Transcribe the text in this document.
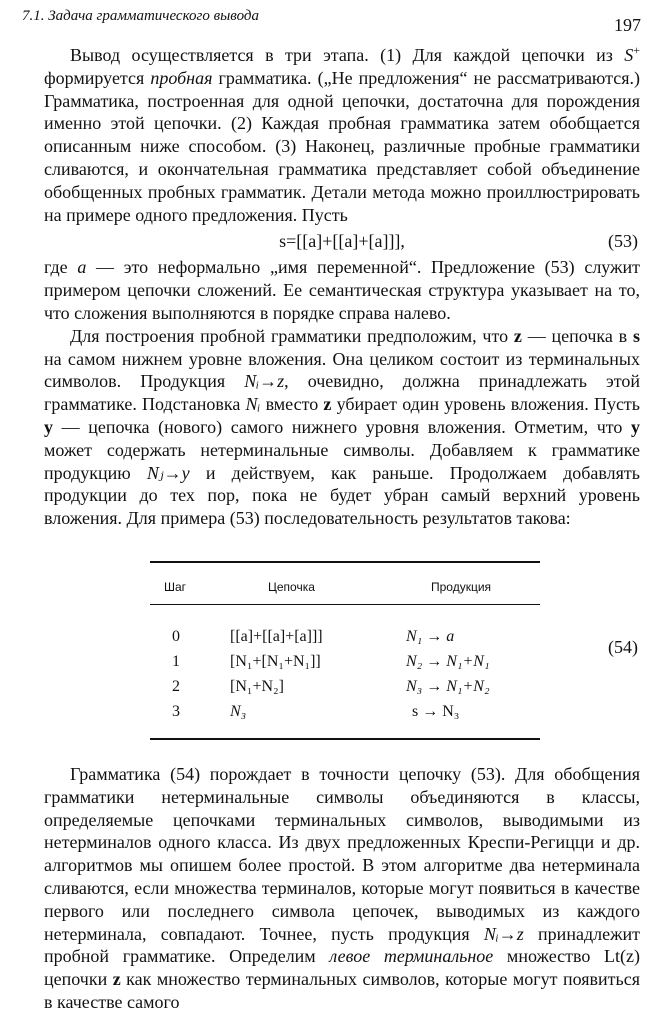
7.1. Задача грамматического вывода	197

Вывод осуществляется в три этапа. (1) Для каждой цепочки из S+ формируется пробная грамматика. („Не предложения“ не рассматриваются.) Грамматика, построенная для одной цепочки, достаточна для порождения именно этой цепочки. (2) Каждая пробная грамматика затем обобщается описанным ниже способом. (3) Наконец, различные пробные грамматики сливаются, и окончательная грамматика представляет собой объединение обобщенных пробных грамматик. Детали метода можно проиллюстрировать на примере одного предложения. Пусть

s=[[a]+[[a]+[a]]],	(53)

где a — это неформально „имя переменной“. Предложение (53) служит примером цепочки сложений. Ее семантическая структура указывает на то, что сложения выполняются в порядке справа налево.

Для построения пробной грамматики предположим, что z — цепочка в s на самом нижнем уровне вложения. Она целиком состоит из терминальных символов. Продукция Nᵢ→z, очевидно, должна принадлежать этой грамматике. Подстановка Nᵢ вместо z убирает один уровень вложения. Пусть y — цепочка (нового) самого нижнего уровня вложения. Отметим, что y может содержать нетерминальные символы. Добавляем к грамматике продукцию Nⱼ→y и действуем, как раньше. Продолжаем добавлять продукции до тех пор, пока не будет убран самый верхний уровень вложения. Для примера (53) последовательность результатов такова:

Шаг	Цепочка	Продукция
0	[[a]+[[a]+[a]]]	N₁ → a
1	[N₁+[N₁+N₁]]	N₂ → N₁+N₁
2	[N₁+N₂]	N₃ → N₁+N₂
3	N₃	s → N₃
(54)

Грамматика (54) порождает в точности цепочку (53). Для обобщения грамматики нетерминальные символы объединяются в классы, определяемые цепочками терминальных символов, выводимыми из нетерминалов одного класса. Из двух предложенных Креспи-Регицци и др. алгоритмов мы опишем более простой. В этом алгоритме два нетерминала сливаются, если множества терминалов, которые могут появиться в качестве первого или последнего символа цепочек, выводимых из каждого нетерминала, совпадают. Точнее, пусть продукция Nᵢ→z принадлежит пробной грамматике. Определим левое терминальное множество Lt(z) цепочки z как множество терминальных символов, которые могут появиться в качестве самого
